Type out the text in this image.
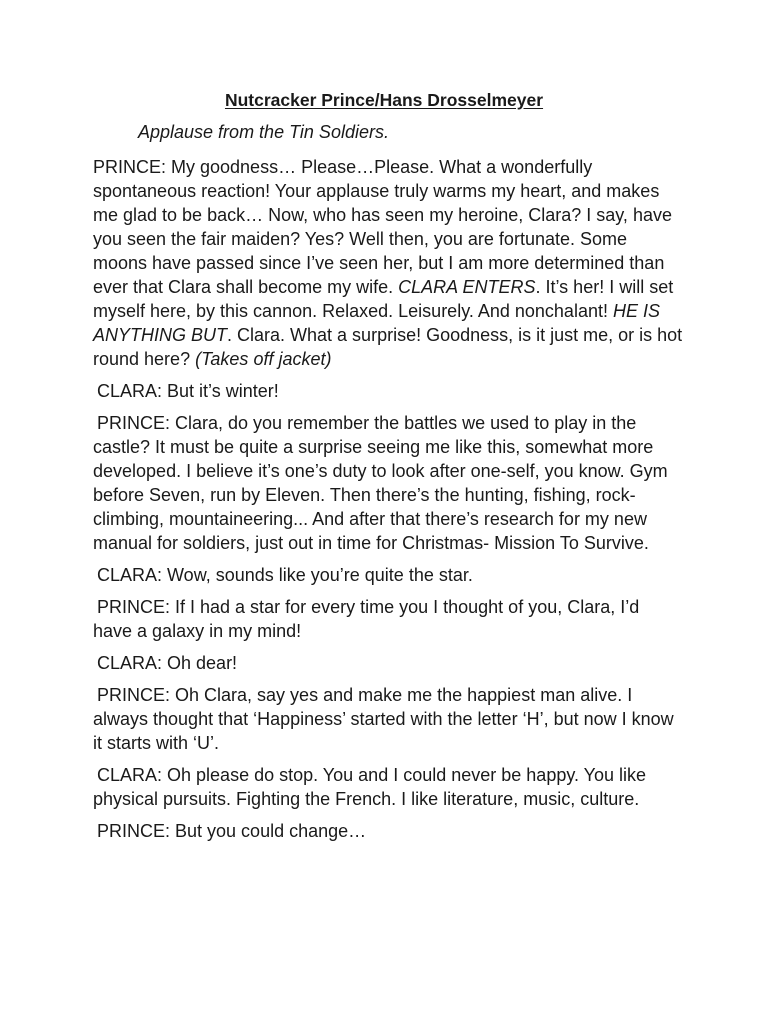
Nutcracker Prince/Hans Drosselmeyer
Applause from the Tin Soldiers.

PRINCE: My goodness… Please…Please. What a wonderfully spontaneous reaction! Your applause truly warms my heart, and makes me glad to be back… Now, who has seen my heroine, Clara? I say, have you seen the fair maiden? Yes? Well then, you are fortunate. Some moons have passed since I’ve seen her, but I am more determined than ever that Clara shall become my wife. CLARA ENTERS. It’s her! I will set myself here, by this cannon. Relaxed. Leisurely. And nonchalant! HE IS ANYTHING BUT. Clara. What a surprise! Goodness, is it just me, or is hot round here? (Takes off jacket)

CLARA: But it’s winter!

PRINCE: Clara, do you remember the battles we used to play in the castle? It must be quite a surprise seeing me like this, somewhat more developed. I believe it’s one’s duty to look after one-self, you know. Gym before Seven, run by Eleven. Then there’s the hunting, fishing, rock-climbing, mountaineering... And after that there’s research for my new manual for soldiers, just out in time for Christmas- Mission To Survive.

CLARA: Wow, sounds like you’re quite the star.

PRINCE: If I had a star for every time you I thought of you, Clara, I’d have a galaxy in my mind!

CLARA: Oh dear!

PRINCE: Oh Clara, say yes and make me the happiest man alive. I always thought that ‘Happiness’ started with the letter ‘H’, but now I know it starts with ‘U’.

CLARA: Oh please do stop. You and I could never be happy. You like physical pursuits. Fighting the French. I like literature, music, culture.

PRINCE: But you could change…
